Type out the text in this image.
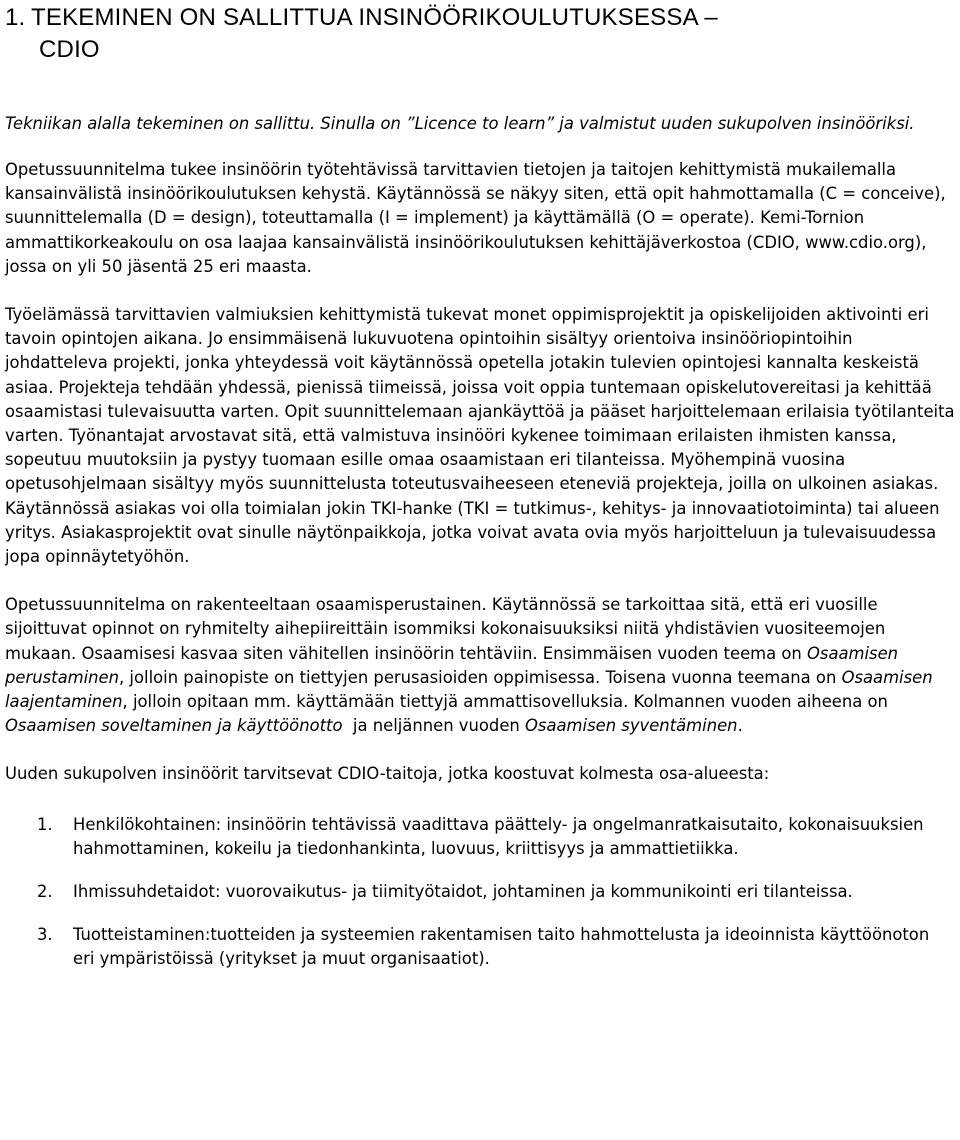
1. TEKEMINEN ON SALLITTUA INSINÖÖRIKOULUTUKSESSA –
CDIO

Tekniikan alalla tekeminen on sallittu. Sinulla on ”Licence to learn” ja valmistut uuden sukupolven insinööriksi.

Opetussuunnitelma tukee insinöörin työtehtävissä tarvittavien tietojen ja taitojen kehittymistä mukailemalla kansainvälistä insinöörikoulutuksen kehystä. Käytännössä se näkyy siten, että opit hahmottamalla (C = conceive), suunnittelemalla (D = design), toteuttamalla (I = implement) ja käyttämällä (O = operate). Kemi-Tornion ammattikorkeakoulu on osa laajaa kansainvälistä insinöörikoulutuksen kehittäjäverkostoa (CDIO, www.cdio.org), jossa on yli 50 jäsentä 25 eri maasta.

Työelämässä tarvittavien valmiuksien kehittymistä tukevat monet oppimisprojektit ja opiskelijoiden aktivointi eri tavoin opintojen aikana. Jo ensimmäisenä lukuvuotena opintoihin sisältyy orientoiva insinööriopintoihin johdatteleva projekti, jonka yhteydessä voit käytännössä opetella jotakin tulevien opintojesi kannalta keskeistä asiaa. Projekteja tehdään yhdessä, pienissä tiimeissä, joissa voit oppia tuntemaan opiskelutovereitasi ja kehittää osaamistasi tulevaisuutta varten. Opit suunnittelemaan ajankäyttöä ja pääset harjoittelemaan erilaisia työtilanteita varten. Työnantajat arvostavat sitä, että valmistuva insinööri kykenee toimimaan erilaisten ihmisten kanssa, sopeutuu muutoksiin ja pystyy tuomaan esille omaa osaamistaan eri tilanteissa. Myöhempinä vuosina opetusohjelmaan sisältyy myös suunnittelusta toteutusvaiheeseen eteneviä projekteja, joilla on ulkoinen asiakas. Käytännössä asiakas voi olla toimialan jokin TKI-hanke (TKI = tutkimus-, kehitys- ja innovaatiotoiminta) tai alueen yritys. Asiakasprojektit ovat sinulle näytönpaikkoja, jotka voivat avata ovia myös harjoitteluun ja tulevaisuudessa jopa opinnäytetyöhön.

Opetussuunnitelma on rakenteeltaan osaamisperustainen. Käytännössä se tarkoittaa sitä, että eri vuosille sijoittuvat opinnot on ryhmitelty aihepiireittäin isommiksi kokonaisuuksiksi niitä yhdistävien vuositeemojen mukaan. Osaamisesi kasvaa siten vähitellen insinöörin tehtäviin. Ensimmäisen vuoden teema on Osaamisen perustaminen, jolloin painopiste on tiettyjen perusasioiden oppimisessa. Toisena vuonna teemana on Osaamisen laajentaminen, jolloin opitaan mm. käyttämään tiettyjä ammattisovelluksia. Kolmannen vuoden aiheena on Osaamisen soveltaminen ja käyttöönotto  ja neljännen vuoden Osaamisen syventäminen.

Uuden sukupolven insinöörit tarvitsevat CDIO-taitoja, jotka koostuvat kolmesta osa-alueesta:

1. Henkilökohtainen: insinöörin tehtävissä vaadittava päättely- ja ongelmanratkaisutaito, kokonaisuuksien hahmottaminen, kokeilu ja tiedonhankinta, luovuus, kriittisyys ja ammattietiikka.
2. Ihmissuhdetaidot: vuorovaikutus- ja tiimityötaidot, johtaminen ja kommunikointi eri tilanteissa.
3. Tuotteistaminen:tuotteiden ja systeemien rakentamisen taito hahmottelusta ja ideoinnista käyttöönoton eri ympäristöissä (yritykset ja muut organisaatiot).
